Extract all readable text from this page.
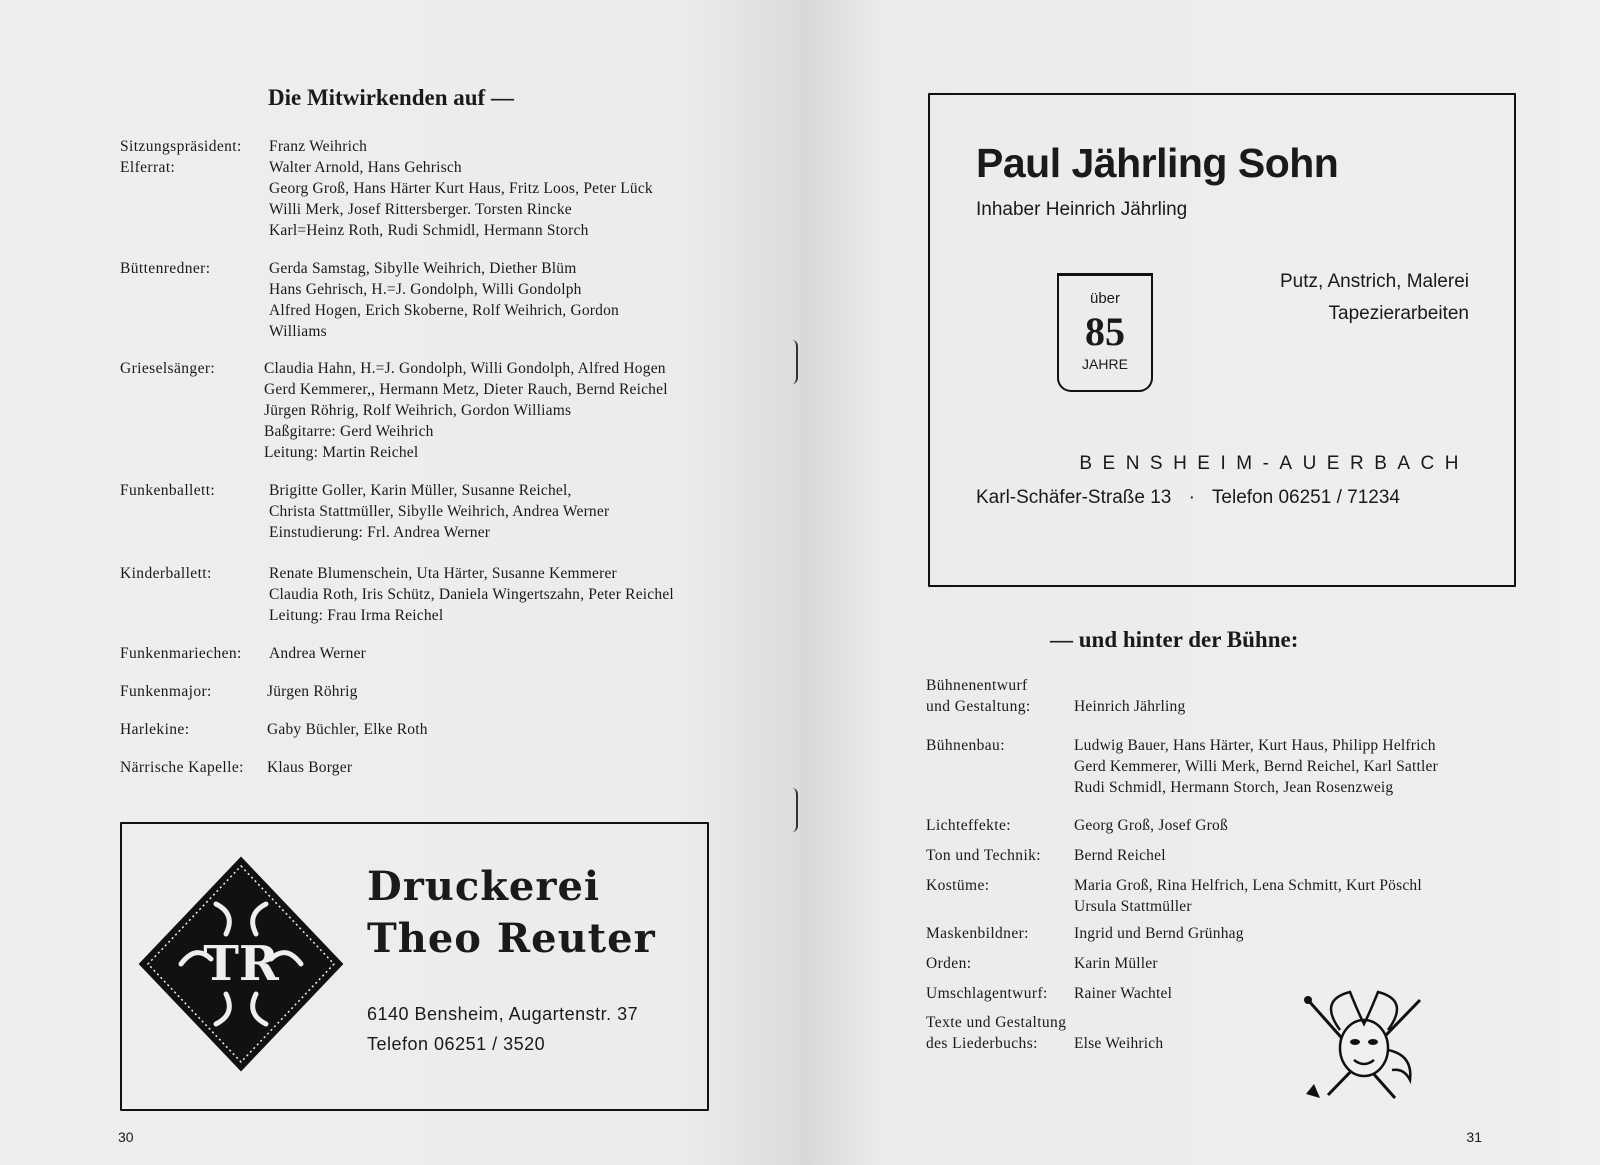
Die Mitwirkenden auf —
Sitzungspräsident: Franz Weihrich
Elferrat:	Walter Arnold, Hans Gehrisch
Georg Groß, Hans Härter Kurt Haus, Fritz Loos, Peter Lück
Willi Merk, Josef Rittersberger. Torsten Rincke
Karl=Heinz Roth, Rudi Schmidl, Hermann Storch
Büttenredner:	Gerda Samstag, Sibylle Weihrich, Diether Blüm
Hans Gehrisch, H.=J. Gondolph, Willi Gondolph
Alfred Hogen, Erich Skoberne, Rolf Weihrich, Gordon
Williams
Grieselsänger:	Claudia Hahn, H.=J. Gondolph, Willi Gondolph, Alfred Hogen
Gerd Kemmerer,, Hermann Metz, Dieter Rauch, Bernd Reichel
Jürgen Röhrig, Rolf Weihrich, Gordon Williams
Baßgitarre: Gerd Weihrich
Leitung: Martin Reichel
Funkenballett:	Brigitte Goller, Karin Müller, Susanne Reichel,
Christa Stattmüller, Sibylle Weihrich, Andrea Werner
Einstudierung: Frl. Andrea Werner
Kinderballett:	Renate Blumenschein, Uta Härter, Susanne Kemmerer
Claudia Roth, Iris Schütz, Daniela Wingertszahn, Peter Reichel
Leitung: Frau Irma Reichel
Funkenmariechen: Andrea Werner
Funkenmajor:	Jürgen Röhrig
Harlekine:	Gaby Büchler, Elke Roth
Närrische Kapelle: Klaus Borger
TR
Druckerei
Theo Reuter
6140 Bensheim, Augartenstr. 37
Telefon 06251 / 3520
30
Paul Jährling Sohn
Inhaber Heinrich Jährling
über
85
JAHRE
Putz, Anstrich, Malerei
Tapezierarbeiten
BENSHEIM-AUERBACH
Karl-Schäfer-Straße 13 · Telefon 06251 / 71234
— und hinter der Bühne:
Bühnenentwurf
und Gestaltung:	Heinrich Jährling
Bühnenbau:	Ludwig Bauer, Hans Härter, Kurt Haus, Philipp Helfrich
Gerd Kemmerer, Willi Merk, Bernd Reichel, Karl Sattler
Rudi Schmidl, Hermann Storch, Jean Rosenzweig
Lichteffekte:	Georg Groß, Josef Groß
Ton und Technik: Bernd Reichel
Kostüme:	Maria Groß, Rina Helfrich, Lena Schmitt, Kurt Pöschl
Ursula Stattmüller
Maskenbildner:	Ingrid und Bernd Grünhag
Orden:	Karin Müller
Umschlagentwurf: Rainer Wachtel
Texte und Gestaltung
des Liederbuchs:	Else Weihrich
31
